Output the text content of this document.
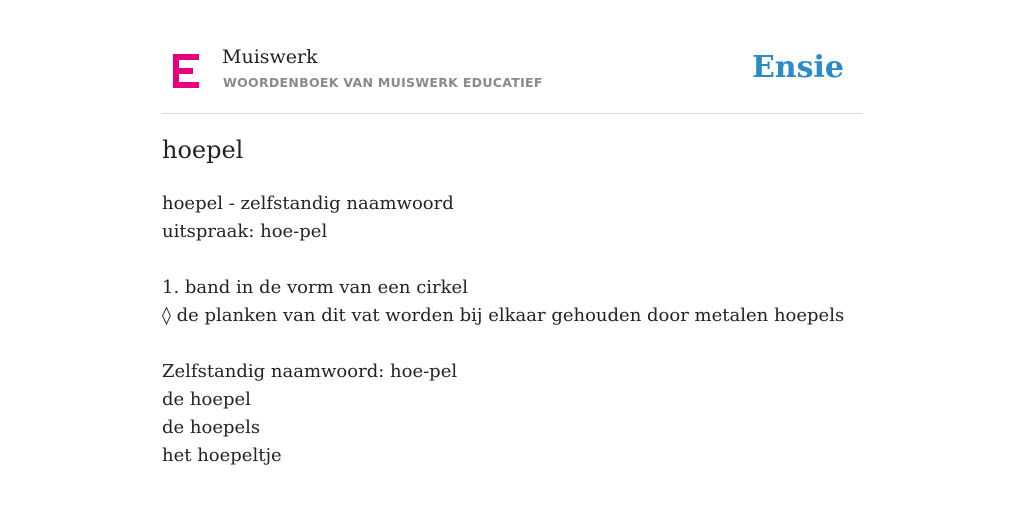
Muiswerk
WOORDENBOEK VAN MUISWERK EDUCATIEF	Ensie
hoepel
hoepel - zelfstandig naamwoord
uitspraak: hoe-pel
1. band in de vorm van een cirkel
◊ de planken van dit vat worden bij elkaar gehouden door metalen hoepels
Zelfstandig naamwoord: hoe-pel
de hoepel
de hoepels
het hoepeltje
